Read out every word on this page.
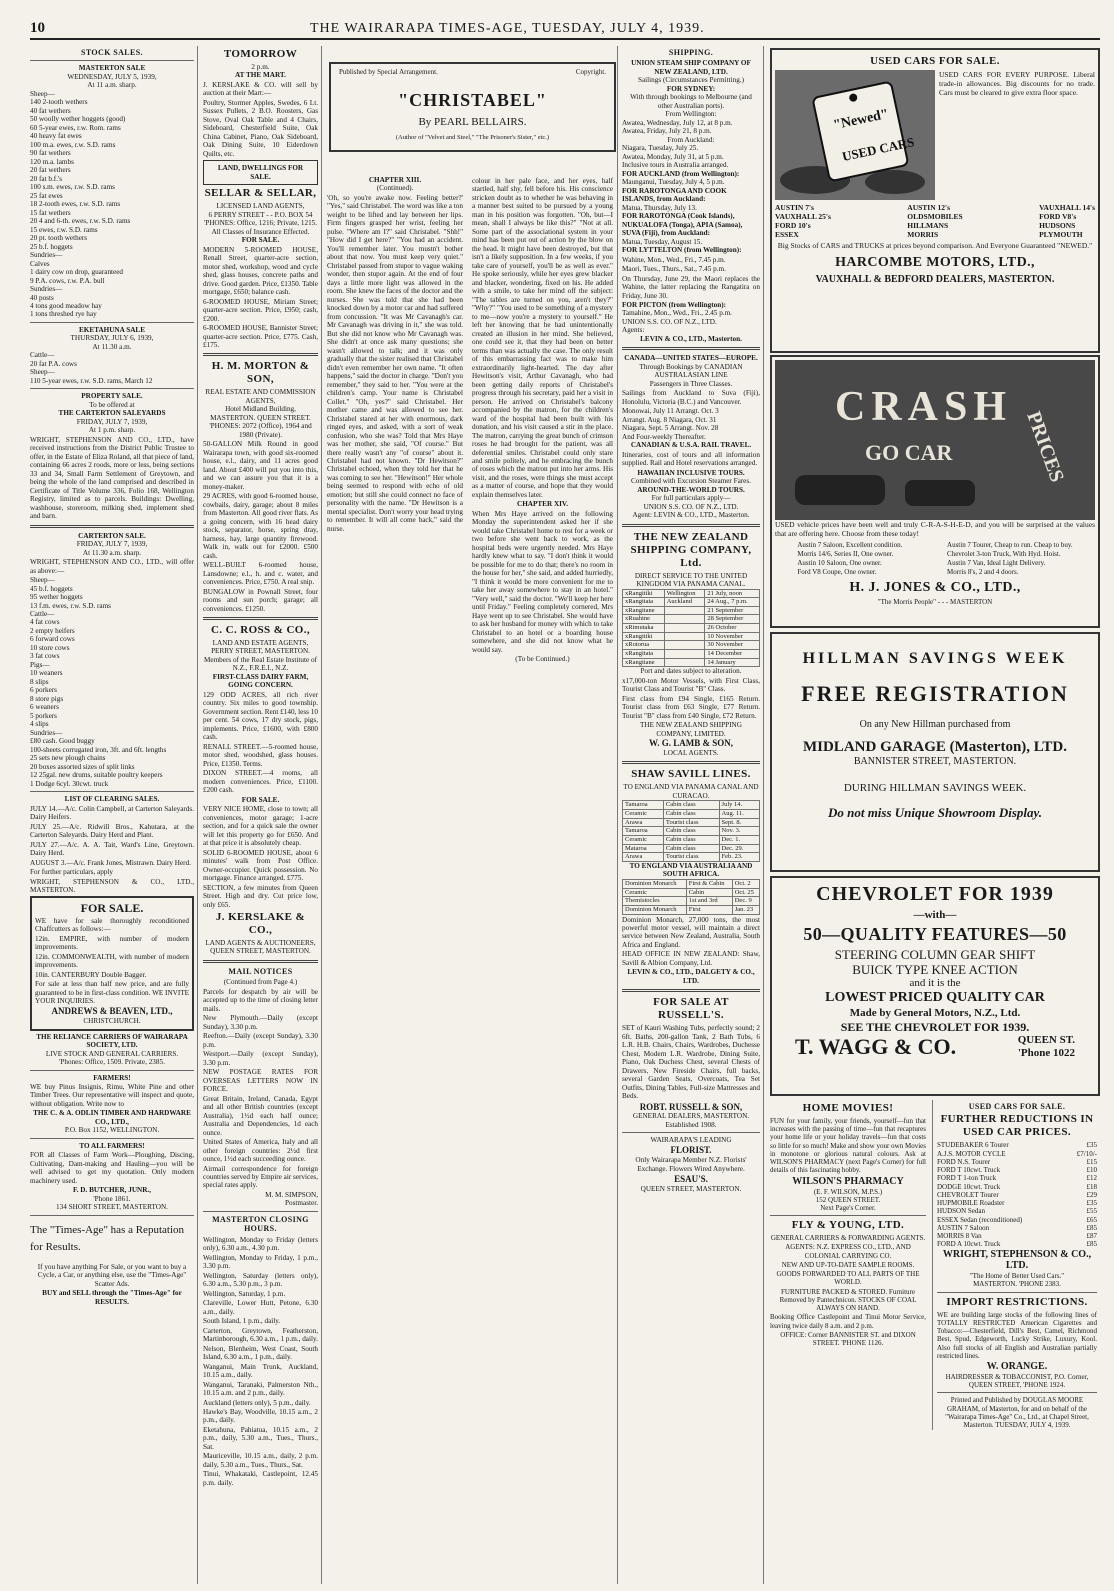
10	THE WAIRARAPA TIMES-AGE, TUESDAY, JULY 4, 1939.
STOCK SALES.
MASTERTON SALE
WEDNESDAY, JULY 5, 1939,
At 11 a.m. sharp.
Sheep—
140 2-tooth wethers
40 fat wethers
50 woolly wether hoggets (good)
60 5-year ewes, r.w. Rom. rams
40 heavy fat ewes
100 m.a. ewes, r.w. S.D. rams
90 fat wethers
120 m.a. lambs
20 fat wethers
20 fat b.f.'s
100 s.m. ewes, r.w. S.D. rams
25 fat ewes
18 2-tooth ewes, r.w. S.D. rams
15 fat wethers
20 4 and 6-th. ewes, r.w. S.D. rams
15 ewes, r.w. S.D. rams
20 pt. tooth wethers
25 b.f. hoggets
Sundries—
Calves
1 dairy cow on drop, guaranteed
9 P.A. cows, r.w. P.A. bull
Sundries—
40 posts
4 tons good meadow hay
1 tons threshed rye hay
EKETAHUNA SALE
THURSDAY, JULY 6, 1939,
At 11.30 a.m.
Cattle—
20 fat P.A. cows
Sheep—
110 5-year ewes, r.w. S.D. rams, March 12
PROPERTY SALE.
To be offered at
THE CARTERTON SALEYARDS
FRIDAY, JULY 7, 1939,
At 1 p.m. sharp.

WRIGHT, STEPHENSON AND CO., LTD., have received instructions from the District Public Trustee to offer, in the Estate of Eliza Roland, all that piece of land, containing 66 acres 2 roods, more or less, being sections 33 and 34, Small Farm Settlement of Greytown, and being the whole of the land comprised and described in Certificate of Title Volume 336, Folio 168, Wellington Registry, limited as to parcels. Buildings: Dwelling, washhouse, storeroom, milking shed, implement shed and barn.

CARTERTON SALE.
FRIDAY, JULY 7, 1939,
At 11.30 a.m. sharp.

WRIGHT, STEPHENSON AND CO., LTD., will offer as above:—

Sheep—
45 b.f. hoggets
95 wether hoggets
13 f.m. ewes, r.w. S.D. rams
Cattle—
4 fat cows
2 empty heifers
6 forward cows
10 store cows
3 fat cows
Pigs—
10 weaners
8 slips
6 porkers
8 store pigs
6 weaners
5 porkers
4 slips
Sundries—
£80 cash. Good buggy
100-sheets corrugated iron, 3ft. and 6ft. lengths
25 sets new plough chains
20 boxes assorted sizes of split links
12 25gal. new drums, suitable poultry keepers
1 Dodge 6cyl. 30cwt. truck
LIST OF CLEARING SALES.

JULY 14.—A/c. Colin Campbell, at Carterton Saleyards. Dairy Heifers.

JULY 25.—A/c. Ridwill Bros., Kahutara, at the Carterton Saleyards. Dairy Herd and Plant.

JULY 27.—A/c. A. A. Tait, Ward's Line, Greytown. Dairy Herd.

AUGUST 3.—A/c. Frank Jones, Mistrawn. Dairy Herd.

For further particulars, apply

WRIGHT, STEPHENSON & CO., LTD., MASTERTON.

FOR SALE.

WE have for sale thoroughly reconditioned Chaffcutters as follows:—

12in. EMPIRE, with number of modern improvements.

12in. COMMONWEALTH, with number of modern improvements.

10in. CANTERBURY Double Bagger.

For sale at less than half new price, and are fully guaranteed to be in first-class condition. WE INVITE YOUR INQUIRIES.

ANDREWS & BEAVEN, LTD.,
CHRISTCHURCH.
THE RELIANCE CARRIERS OF WAIRARAPA SOCIETY, LTD.
LIVE STOCK AND GENERAL CARRIERS.
'Phones: Office, 1509. Private, 2385.
FARMERS!

WE buy Pinus Insignis, Rimu, White Pine and other Timber Trees. Our representative will inspect and quote, without obligation. Write now to

THE C. & A. ODLIN TIMBER AND HARDWARE CO., LTD.,
P.O. Box 1152, WELLINGTON.
TO ALL FARMERS!

FOR all Classes of Farm Work—Ploughing, Discing, Cultivating, Dam-making and Hauling—you will be well advised to get my quotation. Only modern machinery used.

F. D. BUTCHER, JUNR.,
'Phone 1861.
134 SHORT STREET, MASTERTON.
The "Times-Age" has a Reputation for Results.

If you have anything For Sale, or you want to buy a Cycle, a Car, or anything else, use the "Times-Age" Scatter Ads.

BUY and SELL through the "Times-Age" for RESULTS.
TOMORROW
2 p.m.
AT THE MART.

J. KERSLAKE & CO. will sell by auction at their Mart:—

Poultry, Stormer Apples, Swedes, 6 Lt. Sussex Pullets, 2 B.O. Roosters, Gas Stove, Oval Oak Table and 4 Chairs, Sideboard, Chesterfield Suite, Oak China Cabinet, Piano, Oak Sideboard, Oak Dining Suite, 10 Eiderdown Quilts, etc.

LAND, DWELLINGS FOR SALE.
SELLAR & SELLAR,
LICENSED LAND AGENTS,
6 PERRY STREET - - P.O. BOX 54
'PHONES: Office, 1216; Private, 1215.
All Classes of Insurance Effected.
FOR SALE.

MODERN 5-ROOMED HOUSE, Renall Street, quarter-acre section, motor shed, workshop, wood and cycle shed, glass houses, concrete paths and drive. Good garden. Price, £1350. Table mortgage, £650; balance cash.

6-ROOMED HOUSE, Miriam Street; quarter-acre section. Price, £950; cash, £200.

6-ROOMED HOUSE, Bannister Street; quarter-acre section. Price, £775. Cash, £175.

H. M. MORTON & SON,
REAL ESTATE AND COMMISSION AGENTS,
Hotel Midland Building, MASTERTON. QUEEN STREET.
'PHONES: 2072 (Office), 1964 and 1980 (Private).

50-GALLON Milk Round in good Wairarapa town, with good six-roomed house, e.l., dairy, and 11 acres good land. About £400 will put you into this, and we can assure you that it is a money-maker.

29 ACRES, with good 6-roomed house, cowbails, dairy, garage; about 8 miles from Masterton. All good river flats. As a going concern, with 16 head dairy stock, separator, horse, spring dray, harness, hay, large quantity firewood. Walk in, walk out for £2000. £500 cash.

WELL-BUILT 6-roomed house, Lansdowne; e.l., h. and c. water, and conveniences. Price, £750. A real snip.

BUNGALOW in Pownall Street, four rooms and sun porch; garage; all conveniences. £1250.

C. C. ROSS & CO.,
LAND AND ESTATE AGENTS,
PERRY STREET, MASTERTON.
Members of the Real Estate Institute of N.Z., F.R.E.I., N.Z.
FIRST-CLASS DAIRY FARM, GOING CONCERN.

129 ODD ACRES, all rich river country. Six miles to good township. Government section. Rent £140, less 10 per cent. 54 cows, 17 dry stock, pigs, implements. Price, £1600, with £800 cash.

RENALL STREET.—5-roomed house, motor shed, woodshed, glass houses. Price, £1350. Terms.

DIXON STREET.—4 rooms, all modern conveniences. Price, £1100. £200 cash.

FOR SALE.

VERY NICE HOME, close to town; all conveniences, motor garage; 1-acre section, and for a quick sale the owner will let this property go for £650. And at that price it is absolutely cheap.

SOLID 6-ROOMED HOUSE, about 6 minutes' walk from Post Office. Owner-occupier. Quick possession. No mortgage. Finance arranged. £775.

SECTION, a few minutes from Queen Street. High and dry. Cut price low, only £65.

J. KERSLAKE & CO.,
LAND AGENTS & AUCTIONEERS,
QUEEN STREET, MASTERTON.
MAIL NOTICES
(Continued from Page 4.)

Parcels for despatch by air will be accepted up to the time of closing letter mails.

New Plymouth.—Daily (except Sunday), 3.30 p.m.

Reefton.—Daily (except Sunday), 3.30 p.m.

Westport.—Daily (except Sunday), 3.30 p.m.

NEW POSTAGE RATES FOR OVERSEAS LETTERS NOW IN FORCE.

Great Britain, Ireland, Canada, Egypt and all other British countries (except Australia), 1½d each half ounce; Australia and Dependencies, 1d each ounce.

United States of America, Italy and all other foreign countries: 2½d first ounce, 1½d each succeeding ounce.

Airmail correspondence for foreign countries served by Empire air services, special rates apply.

M. M. SIMPSON,
Postmaster.
MASTERTON CLOSING HOURS.

Wellington, Monday to Friday (letters only), 6.30 a.m., 4.30 p.m.

Wellington, Monday to Friday, 1 p.m., 3.30 p.m.

Wellington, Saturday (letters only), 6.30 a.m., 5.30 p.m., 3 p.m.

Wellington, Saturday, 1 p.m.

Clareville, Lower Hutt, Petone, 6.30 a.m., daily.

South Island, 1 p.m., daily.

Carterton, Greytown, Featherston, Martinborough, 6.30 a.m., 1 p.m., daily.

Nelson, Blenheim, West Coast, South Island, 6.30 a.m., 1 p.m., daily.

Wanganui, Main Trunk, Auckland, 10.15 a.m., daily.

Wanganui, Taranaki, Palmerston Nth., 10.15 a.m. and 2 p.m., daily.

Auckland (letters only), 5 p.m., daily.

Hawke's Bay, Woodville, 10.15 a.m., 2 p.m., daily.

Eketahuna, Pahiatua, 10.15 a.m., 2 p.m., daily, 5.30 a.m., Tues., Thurs., Sat.

Mauriceville, 10.15 a.m., daily, 2 p.m. daily, 5.30 a.m., Tues., Thurs., Sat.

Tinui, Whakataki, Castlepoint, 12.45 p.m. daily.

CHAPTER XIII.
(Continued).

'Oh, so you're awake now. Feeling better?' "Yes," said Christabel. The word was like a ton weight to be lifted and lay between her lips. Firm fingers grasped her wrist, feeling her pulse. "Where am I?" said Christabel. "Shh!" "How did I get here?" "You had an accident. You'll remember later. You mustn't bother about that now. You must keep very quiet." Christabel passed from stupor to vague waking wonder, then stupor again. At the end of four days a little more light was allowed in the room. She knew the faces of the doctor and the nurses. She was told that she had been knocked down by a motor car and had suffered from concussion. "It was Mr Cavanagh's car. Mr Cavanagh was driving in it," she was told. But she did not know who Mr Cavanagh was. She didn't at once ask many questions; she wasn't allowed to talk; and it was only gradually that the sister realised that Christabel didn't even remember her own name. "It often happens," said the doctor in charge. "Don't you remember," they said to her. "You were at the children's camp. Your name is Christabel Collet." "Oh, yes?" said Christabel. Her mother came and was allowed to see her. Christabel stared at her with enormous, dark ringed eyes, and asked, with a sort of weak confusion, who she was? Told that Mrs Haye was her mother, she said, "Of course." But there really wasn't any "of course" about it. Christabel had not known. "Dr Hewitson?" Christabel echoed, when they told her that he was coming to see her. "Hewitson!" Her whole being seemed to respond with echo of old emotion; but still she could connect no face of personality with the name. "Dr Hewitson is a mental specialist. Don't worry your head trying to remember. It will all come back," said the nurse.

Published by Special Arrangement.	Copyright.
"CHRISTABEL"
By PEARL BELLAIRS.
(Author of "Velvet and Steel," "The Prisoner's Sister," etc.)

colour in her pale face, and her eyes, half startled, half shy, fell before his. His conscience stricken doubt as to whether he was behaving in a manner best suited to be pursued by a young man in his position was forgotten. "Oh, but—I mean, shall I always be like this?" "Not at all. Some part of the associational system in your mind has been put out of action by the blow on the head. It might have been destroyed, but that isn't a likely supposition. In a few weeks, if you take care of yourself, you'll be as well as ever." He spoke seriously, while her eyes grew blacker and blacker, wondering, fixed on his. He added with a smile, to take her mind off the subject: "The tables are turned on you, aren't they?" "Why?" "You used to be something of a mystery to me—now you're a mystery to yourself." He left her knowing that he had unintentionally created an illusion in her mind. She believed, one could see it, that they had been on better terms than was actually the case. The only result of this embarrassing fact was to make him extraordinarily light-hearted. The day after Hewitson's visit, Arthur Cavanagh, who had been getting daily reports of Christabel's progress through his secretary, paid her a visit in person. He arrived on Christabel's balcony accompanied by the matron, for the children's ward of the hospital had been built with his donation, and his visit caused a stir in the place. The matron, carrying the great bunch of crimson roses he had brought for the patient, was all deferential smiles. Christabel could only stare and smile politely, and he embracing the bunch of roses which the matron put into her arms. His visit, and the roses, were things she must accept as a matter of course, and hope that they would explain themselves later.

CHAPTER XIV.

When Mrs Haye arrived on the following Monday the superintendent asked her if she would take Christabel home to rest for a week or two before she went back to work, as the hospital beds were urgently needed. Mrs Haye hardly knew what to say. "I don't think it would be possible for me to do that; there's no room in the house for her," she said, and added hurriedly, "I think it would be more convenient for me to take her away somewhere to stay in an hotel." "Very well," said the doctor. "We'll keep her here until Friday." Feeling completely cornered, Mrs Haye went up to see Christabel. She would have to ask her husband for money with which to take Christabel to an hotel or a boarding house somewhere, and she did not know what he would say.

(To be Continued.)
SHIPPING.
UNION STEAM SHIP COMPANY OF NEW ZEALAND, LTD.
Sailings (Circumstances Permitting.)
FOR SYDNEY:
With through bookings to Melbourne (and other Australian ports).
From Wellington:
Awatea, Wednesday, July 12, at 8 p.m.
Awatea, Friday, July 21, 8 p.m.
From Auckland:
Niagara, Tuesday, July 25.
Awatea, Monday, July 31, at 5 p.m.
Inclusive tours in Australia arranged.
FOR AUCKLAND (from Wellington):
Maunganui, Tuesday, July 4, 5 p.m.
FOR RAROTONGA AND COOK ISLANDS, from Auckland:
Matua, Thursday, July 13.
FOR RAROTONGA (Cook Islands), NUKUALOFA (Tonga), APIA (Samoa), SUVA (Fiji), from Auckland:
Matua, Tuesday, August 15.
FOR LYTTELTON (from Wellington):

Wahine, Mon., Wed., Fri., 7.45 p.m.

Maori, Tues., Thurs., Sat., 7.45 p.m.

On Thursday, June 29, the Maori replaces the Wahine, the latter replacing the Rangatira on Friday, June 30.

FOR PICTON (from Wellington):
Tamahine, Mon., Wed., Fri., 2.45 p.m.
UNION S.S. CO. OF N.Z., LTD.
Agents:
LEVIN & CO., LTD., Masterton.
CANADA—UNITED STATES—EUROPE.
Through Bookings by CANADIAN AUSTRALASIAN LINE
Passengers in Three Classes.

Sailings from Auckland to Suva (Fiji), Honolulu, Victoria (B.C.) and Vancouver.

Monowai, July 11 Arrangt. Oct. 3
Arrangt. Aug. 8 Niagara, Oct. 31
Niagara, Sept. 5 Arrangt. Nov. 28
And Four-weekly Thereafter.
CANADIAN & U.S.A. RAIL TRAVEL.

Itineraries, cost of tours and all information supplied. Rail and Hotel reservations arranged.

HAWAIIAN INCLUSIVE TOURS.
Combined with Excursion Steamer Fares.
AROUND-THE-WORLD TOURS.
For full particulars apply—
UNION S.S. CO. OF N.Z., LTD.
Agent: LEVIN & CO., LTD., Masterton.
THE NEW ZEALAND SHIPPING COMPANY, Ltd.
DIRECT SERVICE TO THE UNITED KINGDOM VIA PANAMA CANAL.
xRangitiki	Wellington	21 July, noon
xRangitata	Auckland	24 Aug., 7 p.m.
xRangitane		21 September
xRuahine		28 September
xRimutaka		26 October
xRangitiki		10 November
xRotorua		30 November
xRangitata		14 December
xRangitane		14 January
Port and dates subject to alteration.

x17,000-ton Motor Vessels, with First Class, Tourist Class and Tourist "B" Class.

First class from £94 Single, £165 Return. Tourist class from £63 Single, £77 Return. Tourist "B" class from £40 Single, £72 Return.

THE NEW ZEALAND SHIPPING COMPANY, LIMITED.
W. G. LAMB & SON,
LOCAL AGENTS.
SHAW SAVILL LINES.
TO ENGLAND VIA PANAMA CANAL AND CURACAO.
Tamaroa	Cabin class	July 14.
Ceramic	Cabin class	Aug. 11.
Arawa	Tourist class	Sept. 8.
Tamaroa	Cabin class	Nov. 3.
Ceramic	Cabin class	Dec. 1.
Mataroa	Cabin class	Dec. 29.
Arawa	Tourist class	Feb. 23.
TO ENGLAND VIA AUSTRALIA AND SOUTH AFRICA.
Dominion Monarch	First & Cabin	Oct. 2
Ceramic	Cabin	Oct. 25
Themistocles	1st and 3rd	Dec. 9
Dominion Monarch	First	Jan. 23

Dominion Monarch, 27,000 tons, the most powerful motor vessel, will maintain a direct service between New Zealand, Australia, South Africa and England.

HEAD OFFICE IN NEW ZEALAND: Shaw, Savill & Albion Company, Ltd.

LEVIN & CO., LTD., DALGETY & CO., LTD.
FOR SALE AT RUSSELL'S.

SET of Kauri Washing Tubs, perfectly sound; 2 6ft. Baths, 200-gallon Tank, 2 Bath Tubs, 6 L.R. H.B. Chairs, Chairs, Wardrobes, Duchesse Chest, Modern L.R. Wardrobe, Dining Suite, Piano, Oak Duchess Chest, several Chests of Drawers, New Fireside Chairs, full backs, several Garden Seats, Overcoats, Tea Set Outfits, Dining Tables, Full-size Mattresses and Beds.

ROBT. RUSSELL & SON,
GENERAL DEALERS, MASTERTON.
Established 1908.
WAIRARAPA'S LEADING
FLORIST.

Only Wairarapa Member N.Z. Florists' Exchange. Flowers Wired Anywhere.

ESAU'S.
QUEEN STREET, MASTERTON.
USED CARS FOR SALE.
"Newed"
USED CARS

USED CARS FOR EVERY PURPOSE. Liberal trade-in allowances. Big discounts for no trade. Cars must be cleared to give extra floor space.

AUSTIN 7's
VAUXHALL 25's
FORD 10's
ESSEX
AUSTIN 12's
OLDSMOBILES
HILLMANS
MORRIS
VAUXHALL 14's
FORD V8's
HUDSONS
PLYMOUTH

Big Stocks of CARS and TRUCKS at prices beyond comparison. And Everyone Guaranteed "NEWED."

HARCOMBE MOTORS, LTD.,
VAUXHALL & BEDFORD DEALERS, MASTERTON.
CRASH
GO CAR	PRICES

USED vehicle prices have been well and truly C-R-A-S-H-E-D, and you will be surprised at the values that are offering here. Choose from these today!

Austin 7 Saloon, Excellent condition.

Morris 14/6, Series II, One owner.

Austin 10 Saloon, One owner.

Ford V8 Coupe, One owner.

Austin 7 Tourer, Cheap to run. Cheap to buy.

Chevrolet 3-ton Truck, With Hyd. Hoist.

Austin 7 Van, Ideal Light Delivery.

Morris 8's, 2 and 4 doors.

H. J. JONES & CO., LTD.,
"The Morris People" - - - MASTERTON
HILLMAN SAVINGS WEEK
FREE REGISTRATION
On any New Hillman purchased from
MIDLAND GARAGE (Masterton), LTD.
BANNISTER STREET, MASTERTON.
DURING HILLMAN SAVINGS WEEK.
Do not miss Unique Showroom Display.
CHEVROLET FOR 1939
—with—
50—QUALITY FEATURES—50
STEERING COLUMN GEAR SHIFT
BUICK TYPE KNEE ACTION
and it is the
LOWEST PRICED QUALITY CAR
Made by General Motors, N.Z., Ltd.
SEE THE CHEVROLET FOR 1939.
T. WAGG & CO.	QUEEN ST.
'Phone 1022
HOME MOVIES!

FUN for your family, your friends, yourself—fun that increases with the passing of time—fun that recaptures your home life or your holiday travels—fun that costs so little for so much! Make and show your own Movies in monotone or glorious natural colours. Ask at WILSON'S PHARMACY (next Page's Corner) for full details of this fascinating hobby.

WILSON'S PHARMACY
(E. F. WILSON, M.P.S.)
152 QUEEN STREET.
Next Page's Corner.
FLY & YOUNG, LTD.
GENERAL CARRIERS & FORWARDING AGENTS.

AGENTS: N.Z. EXPRESS CO., LTD., AND COLONIAL CARRYING CO.

NEW AND UP-TO-DATE SAMPLE ROOMS.

GOODS FORWARDED TO ALL PARTS OF THE WORLD.

FURNITURE PACKED & STORED. Furniture Removed by Pantechnicon. STOCKS OF COAL ALWAYS ON HAND.

Booking Office Castlepoint and Tinui Motor Service, leaving twice daily 8 a.m. and 2 p.m.

OFFICE: Corner BANNISTER ST. and DIXON STREET. 'PHONE 1126.

USED CARS FOR SALE.
FURTHER REDUCTIONS IN USED CAR PRICES.
STUDEBAKER 6 Tourer	£35
A.J.S. MOTOR CYCLE	£7/10/-
FORD N.S. Tourer	£15
FORD T 10cwt. Truck	£10
FORD T 1-ton Truck	£12
DODGE 10cwt. Truck	£18
CHEVROLET Tourer	£29
HUPMOBILE Roadster	£35
HUDSON Sedan	£55
ESSEX Sedan (reconditioned)	£65
AUSTIN 7 Saloon	£85
MORRIS 8 Van	£87
FORD A 10cwt. Truck	£85
WRIGHT, STEPHENSON & CO., LTD.
"The Home of Better Used Cars."
MASTERTON. 'PHONE 2383.
IMPORT RESTRICTIONS.

WE are building large stocks of the following lines of TOTALLY RESTRICTED American Cigarettes and Tobacco:—Chesterfield, Dill's Best, Camel, Richmond Best, Spud, Edgeworth, Lucky Strike, Luxury, Kool. Also full stocks of all English and Australian partially restricted lines.

W. ORANGE.
HAIRDRESSER & TOBACCONIST, P.O. Corner, QUEEN STREET, 'PHONE 1924.

Printed and Published by DOUGLAS MOORE GRAHAM, of Masterton, for and on behalf of the "Wairarapa Times-Age" Co., Ltd., at Chapel Street, Masterton. TUESDAY, JULY 4, 1939.
